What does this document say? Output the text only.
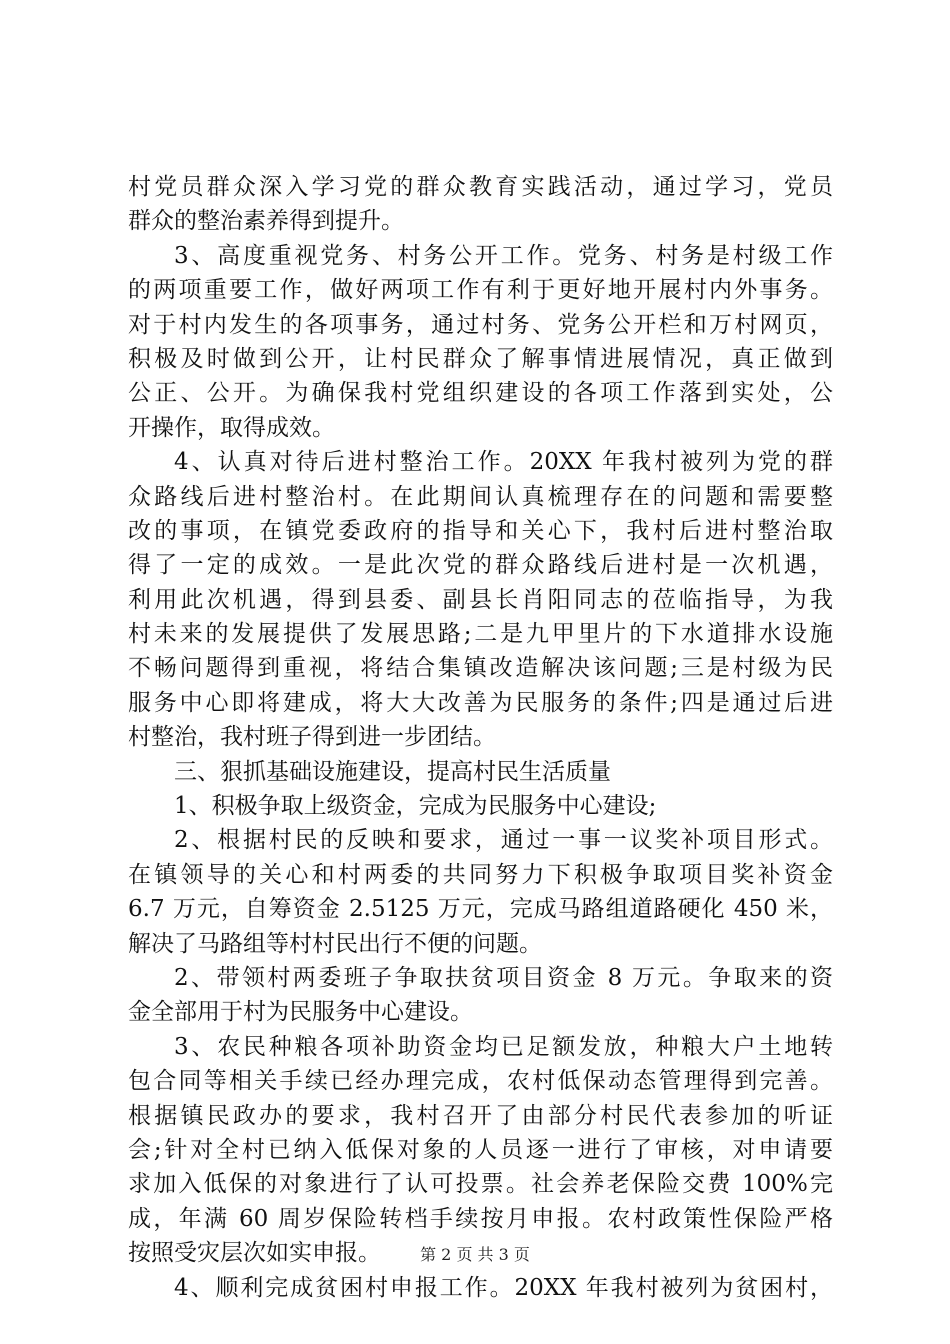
村党员群众深入学习党的群众教育实践活动，通过学习，党员
群众的整治素养得到提升。
3、高度重视党务、村务公开工作。党务、村务是村级工作
的两项重要工作，做好两项工作有利于更好地开展村内外事务。
对于村内发生的各项事务，通过村务、党务公开栏和万村网页，
积极及时做到公开，让村民群众了解事情进展情况，真正做到
公正、公开。为确保我村党组织建设的各项工作落到实处，公
开操作，取得成效。
4、认真对待后进村整治工作。20XX 年我村被列为党的群
众路线后进村整治村。在此期间认真梳理存在的问题和需要整
改的事项，在镇党委政府的指导和关心下，我村后进村整治取
得了一定的成效。一是此次党的群众路线后进村是一次机遇，
利用此次机遇，得到县委、副县长肖阳同志的莅临指导，为我
村未来的发展提供了发展思路;二是九甲里片的下水道排水设施
不畅问题得到重视，将结合集镇改造解决该问题;三是村级为民
服务中心即将建成，将大大改善为民服务的条件;四是通过后进
村整治，我村班子得到进一步团结。
三、狠抓基础设施建设，提高村民生活质量
1、积极争取上级资金，完成为民服务中心建设;
2、根据村民的反映和要求，通过一事一议奖补项目形式。
在镇领导的关心和村两委的共同努力下积极争取项目奖补资金
6.7 万元，自筹资金 2.5125 万元，完成马路组道路硬化 450 米，
解决了马路组等村村民出行不便的问题。
2、带领村两委班子争取扶贫项目资金 8 万元。争取来的资
金全部用于村为民服务中心建设。
3、农民种粮各项补助资金均已足额发放，种粮大户土地转
包合同等相关手续已经办理完成，农村低保动态管理得到完善。
根据镇民政办的要求，我村召开了由部分村民代表参加的听证
会;针对全村已纳入低保对象的人员逐一进行了审核，对申请要
求加入低保的对象进行了认可投票。社会养老保险交费 100%完
成，年满 60 周岁保险转档手续按月申报。农村政策性保险严格
按照受灾层次如实申报。
4、顺利完成贫困村申报工作。20XX 年我村被列为贫困村，
第 2 页 共 3 页
